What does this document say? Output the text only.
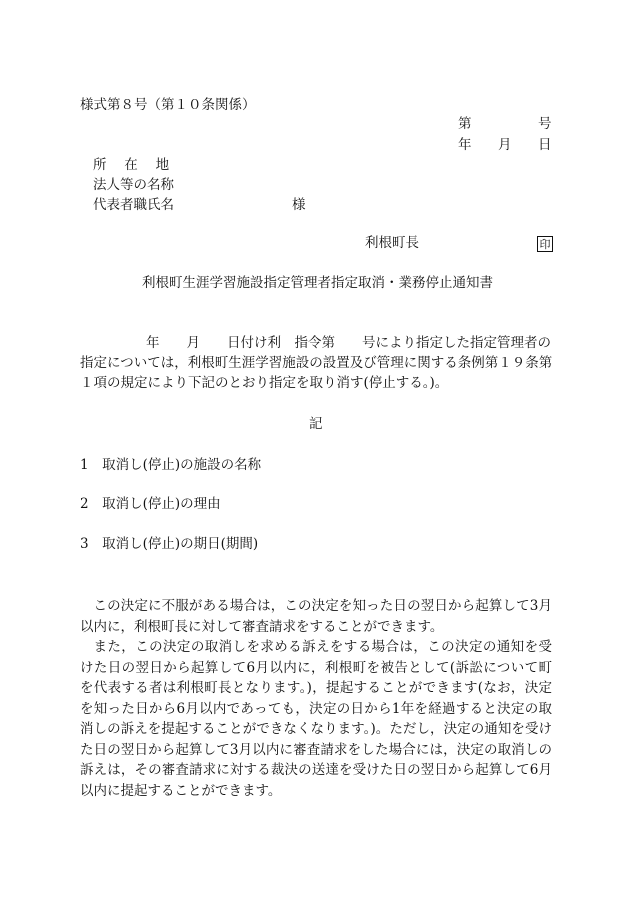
様式第８号（第１０条関係）
第	号
年 月 日
所　 在　 地
法人等の名称
代表者職氏名	様
利根町長	印
利根町生涯学習施設指定管理者指定取消・業務停止通知書
年　　月　　日付け利　指令第　　号により指定した指定管理者の
指定については，利根町生涯学習施設の設置及び管理に関する条例第１９条第
１項の規定により下記のとおり指定を取り消す(停止する。)。
記
1　取消し(停止)の施設の名称
2　取消し(停止)の理由
3　取消し(停止)の期日(期間)

この決定に不服がある場合は，この決定を知った日の翌日から起算して3月以内に，利根町長に対して審査請求をすることができます。

また，この決定の取消しを求める訴えをする場合は，この決定の通知を受けた日の翌日から起算して6月以内に，利根町を被告として(訴訟について町を代表する者は利根町長となります。)，提起することができます(なお，決定を知った日から6月以内であっても，決定の日から1年を経過すると決定の取消しの訴えを提起することができなくなります。)。ただし，決定の通知を受けた日の翌日から起算して3月以内に審査請求をした場合には，決定の取消しの訴えは，その審査請求に対する裁決の送達を受けた日の翌日から起算して6月以内に提起することができます。
